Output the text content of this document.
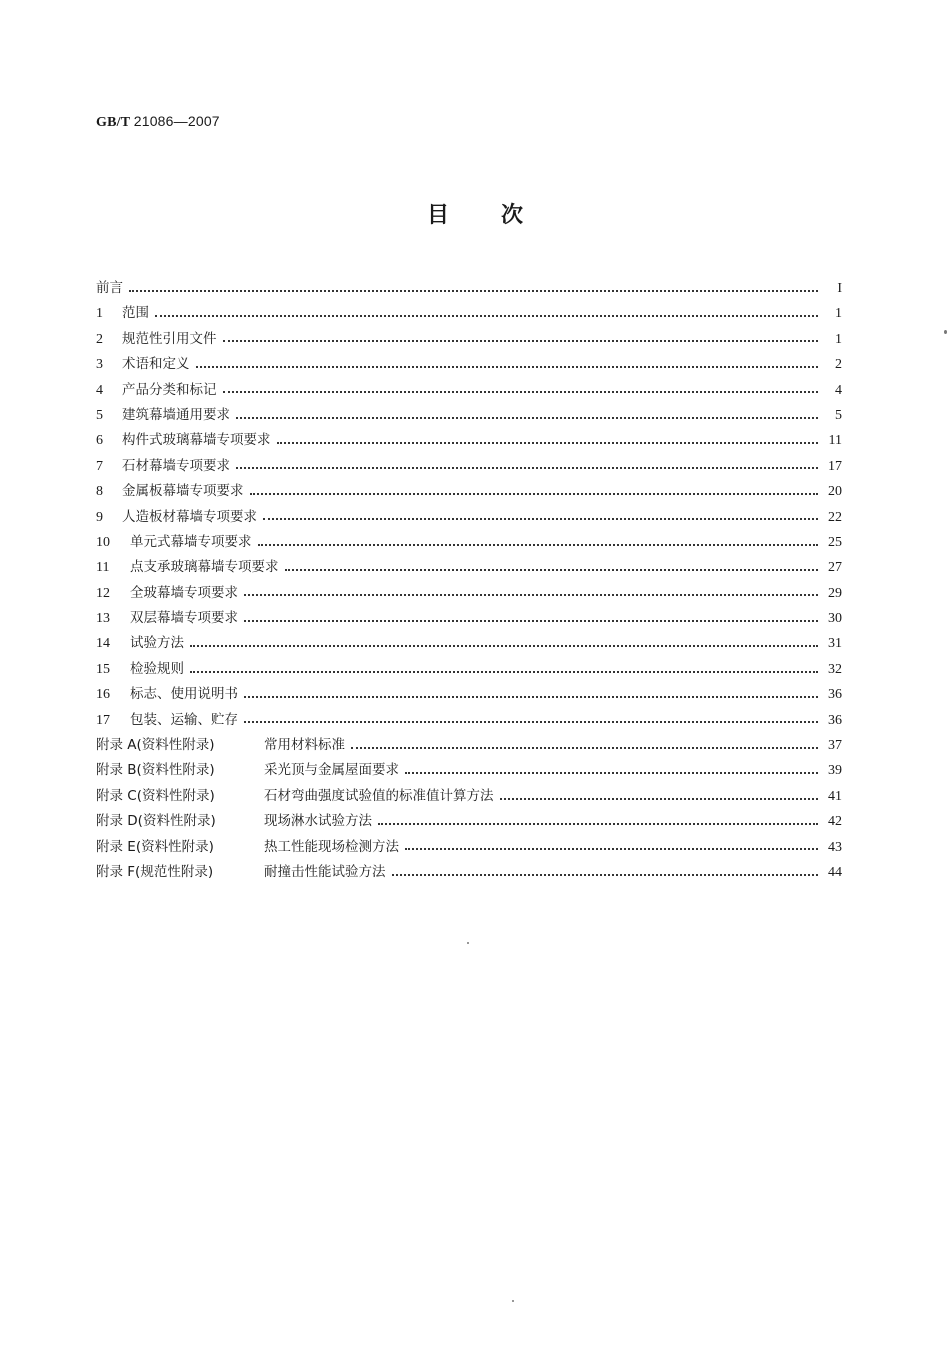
GB/T 21086—2007
目次
前言	I
1	范围	1
2	规范性引用文件	1
3	术语和定义	2
4	产品分类和标记	4
5	建筑幕墙通用要求	5
6	构件式玻璃幕墙专项要求	11
7	石材幕墙专项要求	17
8	金属板幕墙专项要求	20
9	人造板材幕墙专项要求	22
10	单元式幕墙专项要求	25
11	点支承玻璃幕墙专项要求	27
12	全玻幕墙专项要求	29
13	双层幕墙专项要求	30
14	试验方法	31
15	检验规则	32
16	标志、使用说明书	36
17	包装、运输、贮存	36
附录 A(资料性附录)	常用材料标准	37
附录 B(资料性附录)	采光顶与金属屋面要求	39
附录 C(资料性附录)	石材弯曲强度试验值的标准值计算方法	41
附录 D(资料性附录)	现场淋水试验方法	42
附录 E(资料性附录)	热工性能现场检测方法	43
附录 F(规范性附录)	耐撞击性能试验方法	44
